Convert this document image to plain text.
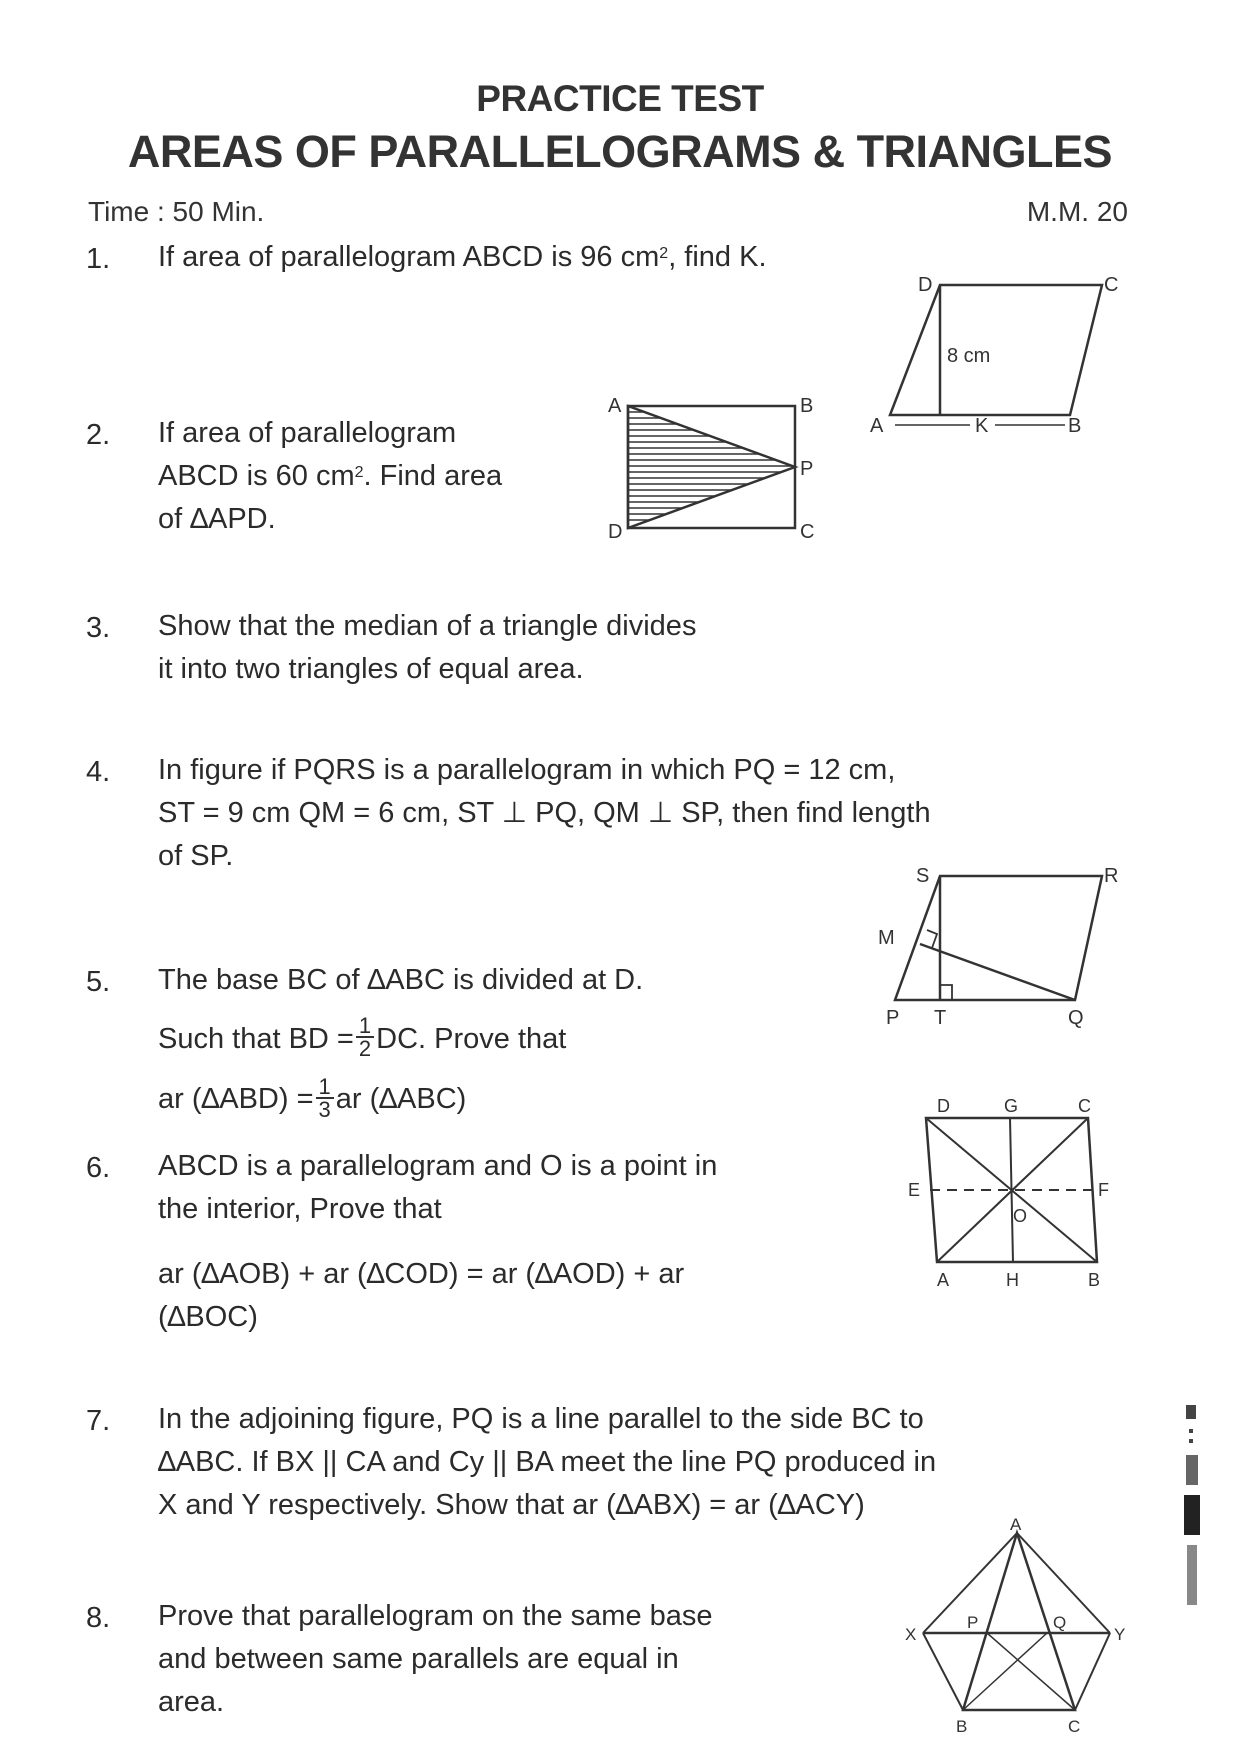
PRACTICE TEST
AREAS OF PARALLELOGRAMS & TRIANGLES
Time : 50 Min.	M.M. 20
1. If area of parallelogram ABCD is 96 $cm^2$, find K.
D	C
A	B
8 cm
K
2. If area of parallelogram
ABCD is 60 $cm^2$. Find area
of ∆APD.
A	B
P
D	C
3. Show that the median of a triangle divides
it into two triangles of equal area.
4. In figure if PQRS is a parallelogram in which PQ = 12 cm,
ST = 9 cm QM = 6 cm, ST ⊥ PQ, QM ⊥ SP, then find length
of SP.
S	R
M
P T	Q
5. The base BC of ∆ABC is divided at D.
Such that BD = $\frac{1}{2}$ DC. Prove that
ar $(\Delta ABD) = \frac{1}{3}$ ar (∆ABC)
6. ABCD is a parallelogram and O is a point in
the interior, Prove that
ar (∆AOB) + ar (∆COD) = ar (∆AOD) + ar
(∆BOC)
D	G	C
E	F
O
A	H	B
7. In the adjoining figure, PQ is a line parallel to the side BC to
∆ABC. If BX || CA and Cy || BA meet the line PQ produced in
X and Y respectively. Show that ar (∆ABX) = ar (∆ACY)
A
X
P	Q
Y
B	C
8. Prove that parallelogram on the same base
and between same parallels are equal in
area.
